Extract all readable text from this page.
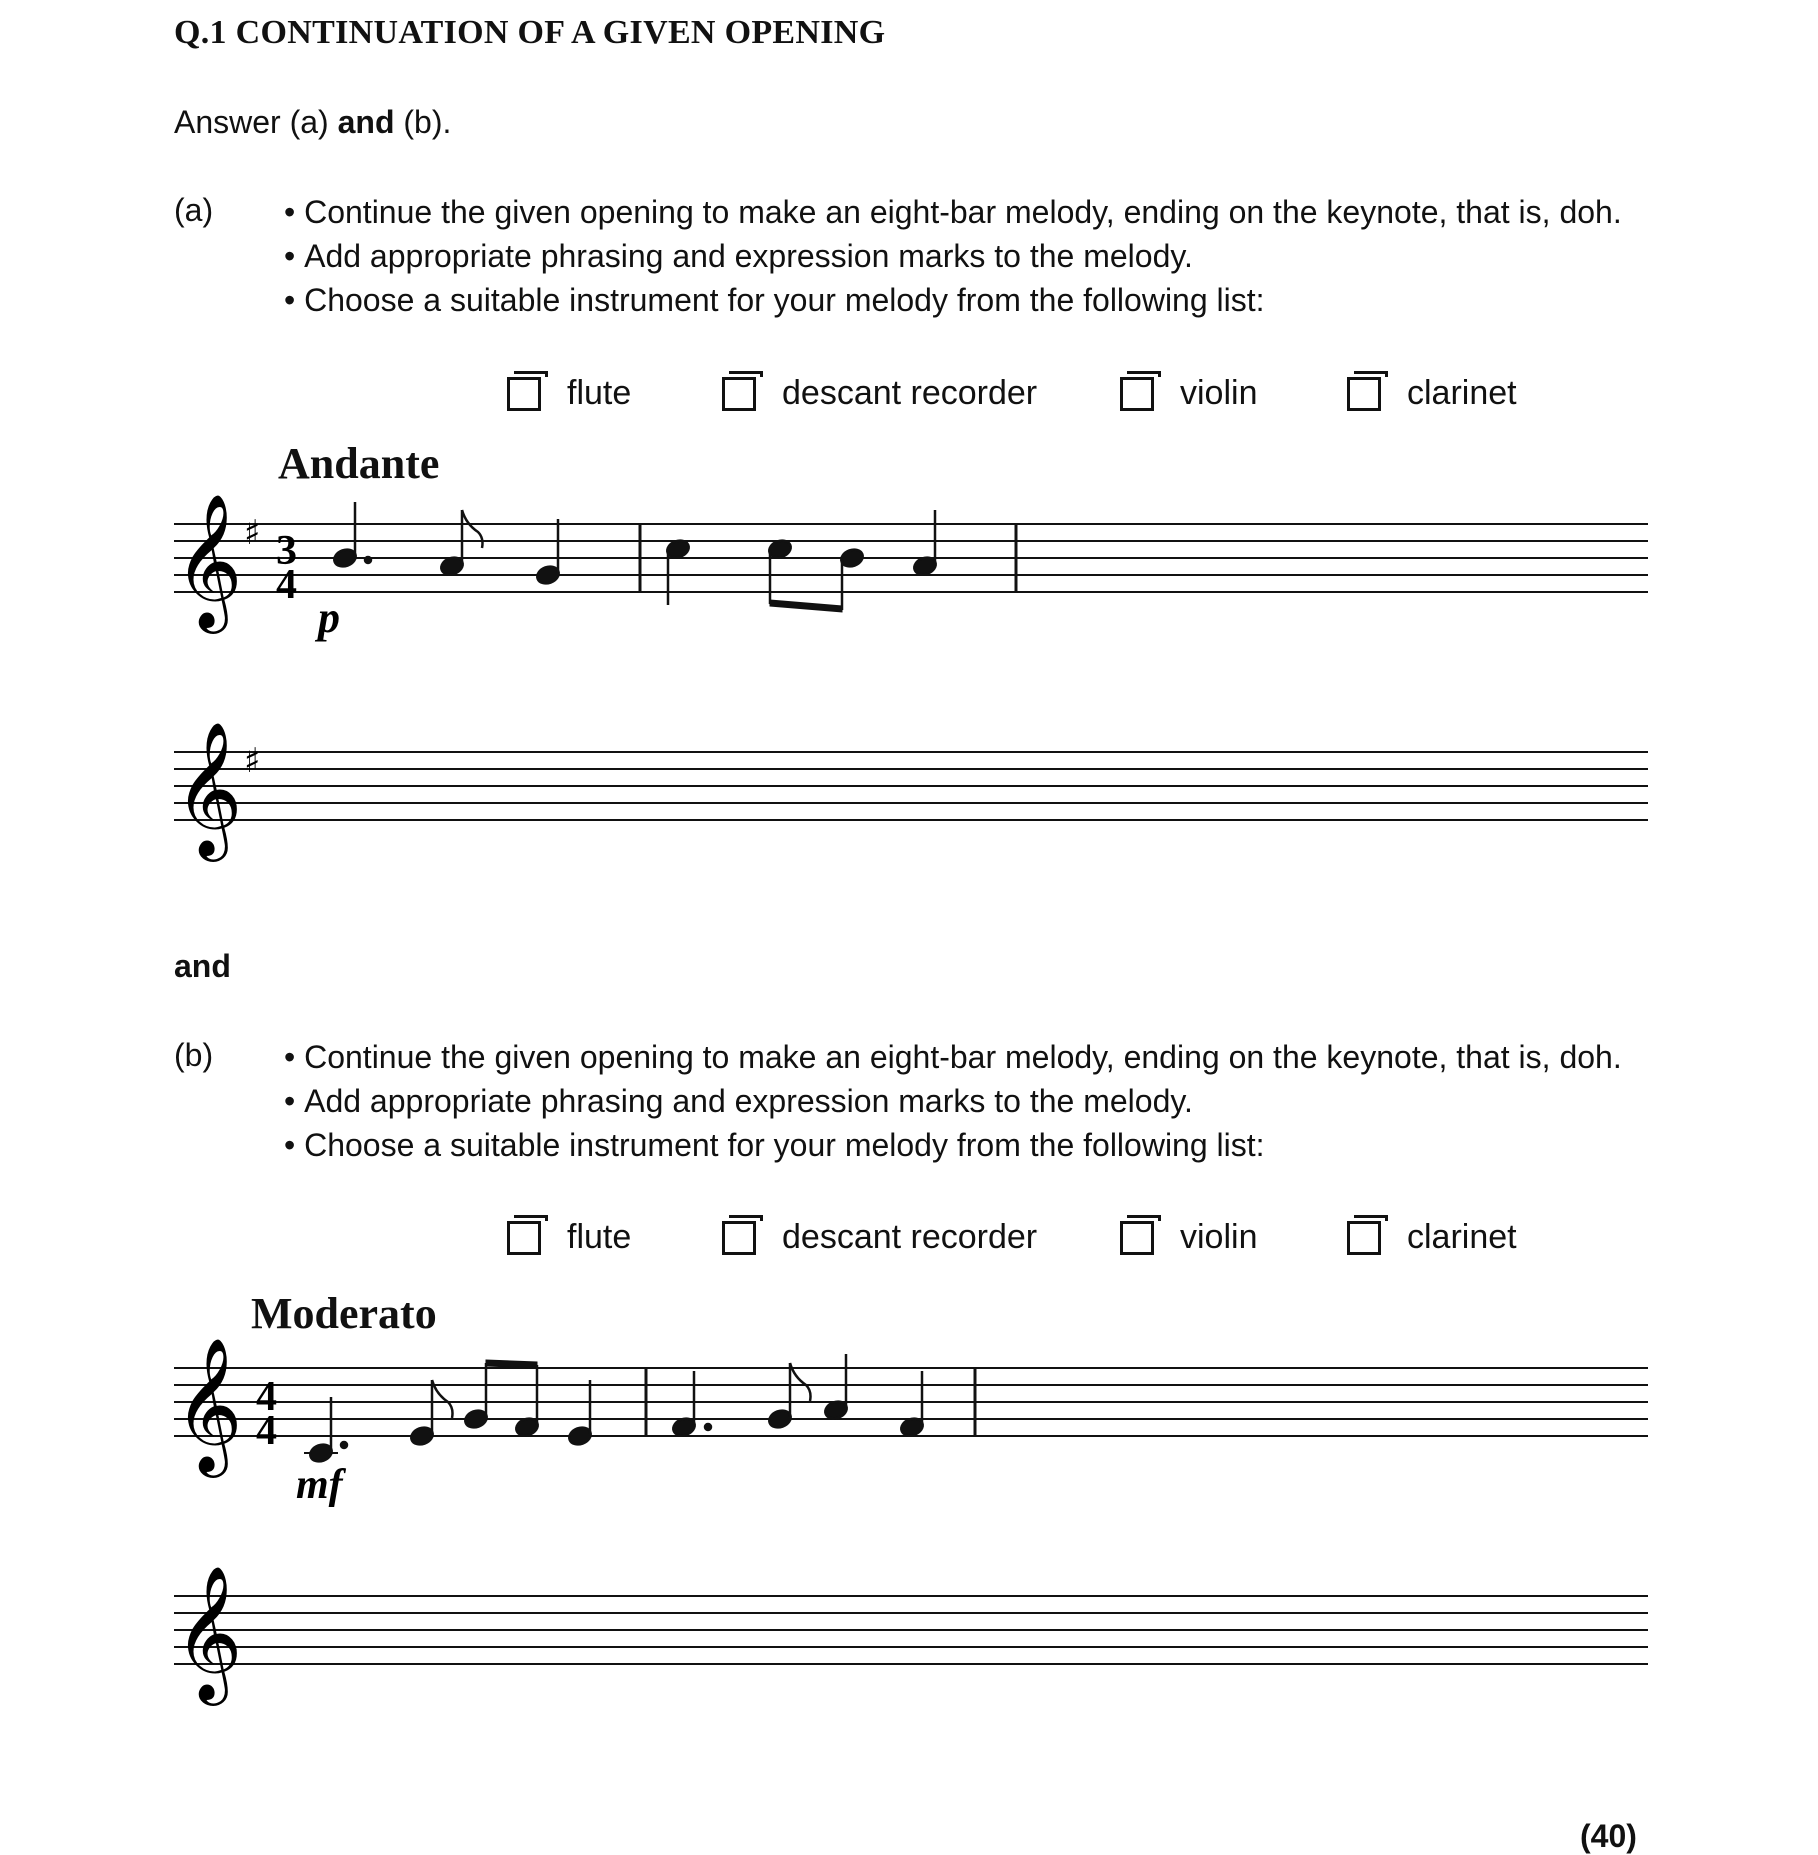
Q.1 CONTINUATION OF A GIVEN OPENING
Answer (a) and (b).
(a)	• Continue the given opening to make an eight-bar melody, ending on the keynote, that is, doh.
• Add appropriate phrasing and expression marks to the melody.
• Choose a suitable instrument for your melody from the following list:
flute	descant recorder	violin	clarinet
Andante
𝄞 ♯ 3
4
p
𝄞 ♯
and
(b)	• Continue the given opening to make an eight-bar melody, ending on the keynote, that is, doh.
• Add appropriate phrasing and expression marks to the melody.
• Choose a suitable instrument for your melody from the following list:
flute	descant recorder	violin	clarinet
Moderato
𝄞 4
4
mf
𝄞
(40)
